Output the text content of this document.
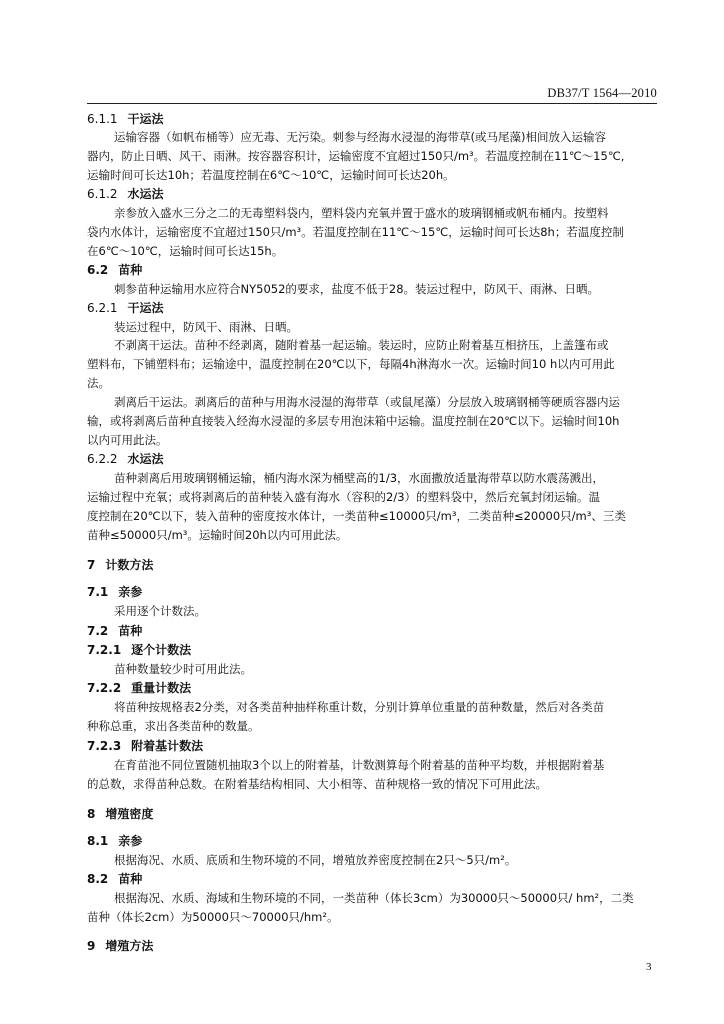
DB37/T 1564—2010
6.1.1 干运法
运输容器（如帆布桶等）应无毒、无污染。刺参与经海水浸湿的海带草(或马尾藻)相间放入运输容
器内，防止日晒、风干、雨淋。按容器容积计，运输密度不宜超过150只/m³。若温度控制在11℃～15℃,
运输时间可长达10h；若温度控制在6℃～10℃，运输时间可长达20h。
6.1.2 水运法
亲参放入盛水三分之二的无毒塑料袋内，塑料袋内充氧并置于盛水的玻璃钢桶或帆布桶内。按塑料
袋内水体计，运输密度不宜超过150只/m³。若温度控制在11℃～15℃，运输时间可长达8h；若温度控制
在6℃～10℃，运输时间可长达15h。
6.2 苗种
刺参苗种运输用水应符合NY5052的要求，盐度不低于28。装运过程中，防风干、雨淋、日晒。
6.2.1 干运法
装运过程中，防风干、雨淋、日晒。
不剥离干运法。苗种不经剥离，随附着基一起运输。装运时，应防止附着基互相挤压，上盖篷布或
塑料布，下铺塑料布；运输途中，温度控制在20℃以下，每隔4h淋海水一次。运输时间10 h以内可用此
法。
剥离后干运法。剥离后的苗种与用海水浸湿的海带草（或鼠尾藻）分层放入玻璃钢桶等硬质容器内运
输，或将剥离后苗种直接装入经海水浸湿的多层专用泡沫箱中运输。温度控制在20℃以下。运输时间10h
以内可用此法。
6.2.2 水运法
苗种剥离后用玻璃钢桶运输，桶内海水深为桶壁高的1/3，水面撒放适量海带草以防水震荡溅出，
运输过程中充氧；或将剥离后的苗种装入盛有海水（容积的2/3）的塑料袋中，然后充氧封闭运输。温
度控制在20℃以下，装入苗种的密度按水体计，一类苗种≤10000只/m³，二类苗种≤20000只/m³、三类
苗种≤50000只/m³。运输时间20h以内可用此法。
7 计数方法
7.1 亲参
采用逐个计数法。
7.2 苗种
7.2.1 逐个计数法
苗种数量较少时可用此法。
7.2.2 重量计数法
将苗种按规格表2分类，对各类苗种抽样称重计数，分别计算单位重量的苗种数量，然后对各类苗
种称总重，求出各类苗种的数量。
7.2.3 附着基计数法
在育苗池不同位置随机抽取3个以上的附着基，计数测算每个附着基的苗种平均数，并根据附着基
的总数，求得苗种总数。在附着基结构相同、大小相等、苗种规格一致的情况下可用此法。
8 增殖密度
8.1 亲参
根据海况、水质、底质和生物环境的不同，增殖放养密度控制在2只～5只/m²。
8.2 苗种
根据海况、水质、海域和生物环境的不同，一类苗种（体长3cm）为30000只～50000只/ hm²，二类
苗种（体长2cm）为50000只～70000只/hm²。
9 增殖方法
3
